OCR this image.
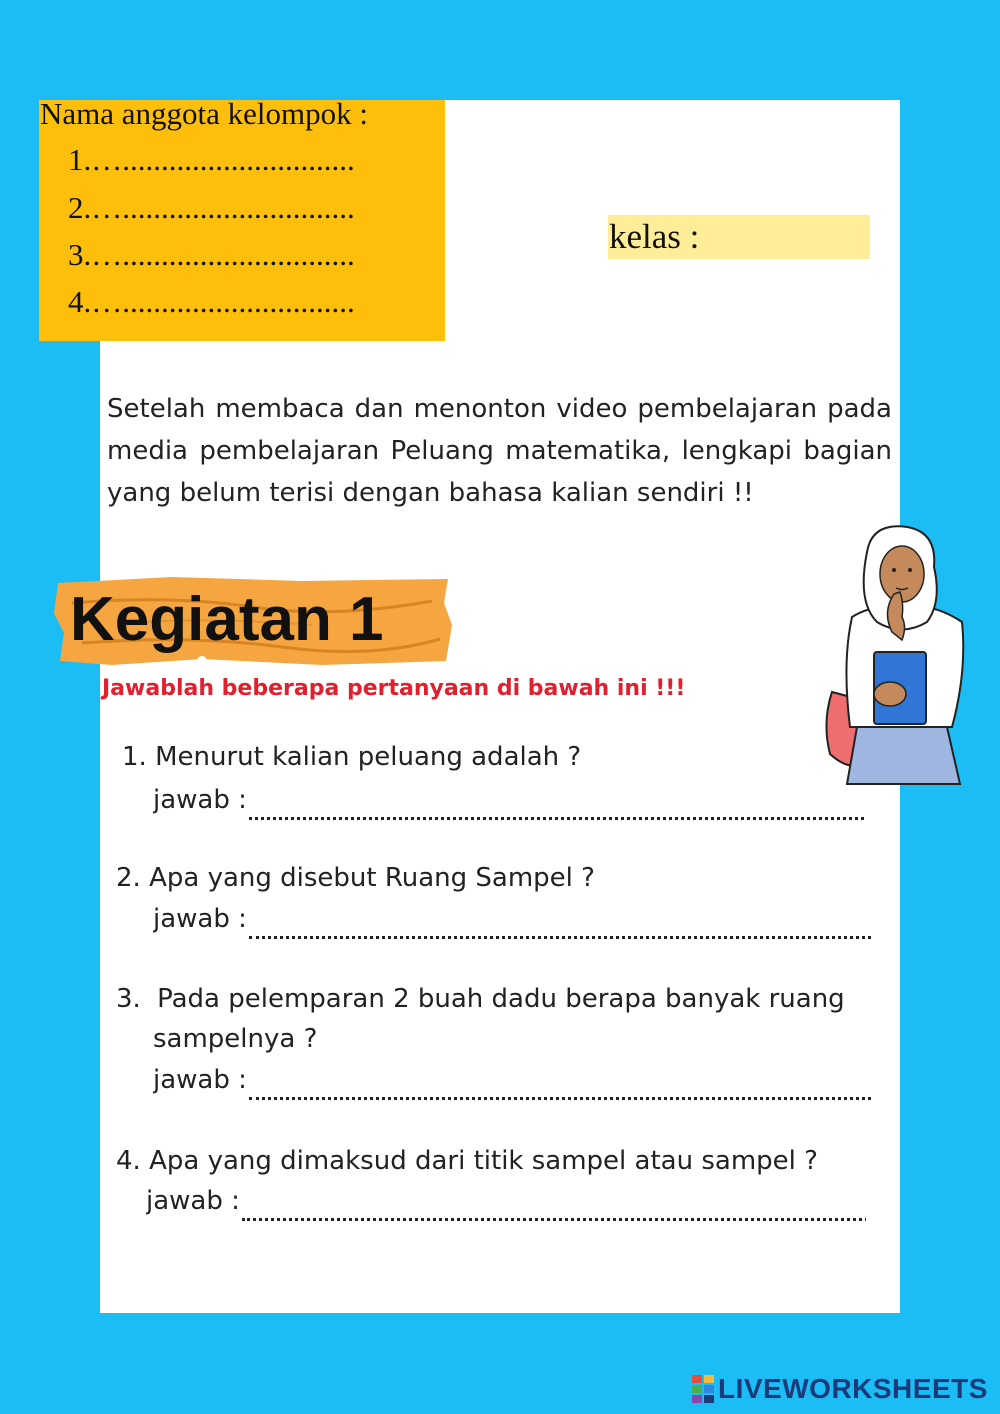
Nama anggota kelompok :
1.…..............................
2.…..............................
3.…..............................
4.…..............................
kelas :
Setelah membaca dan menonton video pembelajaran pada media pembelajaran Peluang matematika, lengkapi bagian yang belum terisi dengan bahasa kalian sendiri !!
Kegiatan 1
Jawablah beberapa pertanyaan di bawah ini !!!
1. Menurut kalian peluang adalah ?
jawab :
2. Apa yang disebut Ruang Sampel ?
jawab :
3. Pada pelemparan 2 buah dadu berapa banyak ruang
sampelnya ?
jawab :
4. Apa yang dimaksud dari titik sampel atau sampel ?
jawab :
LIVEWORKSHEETS
